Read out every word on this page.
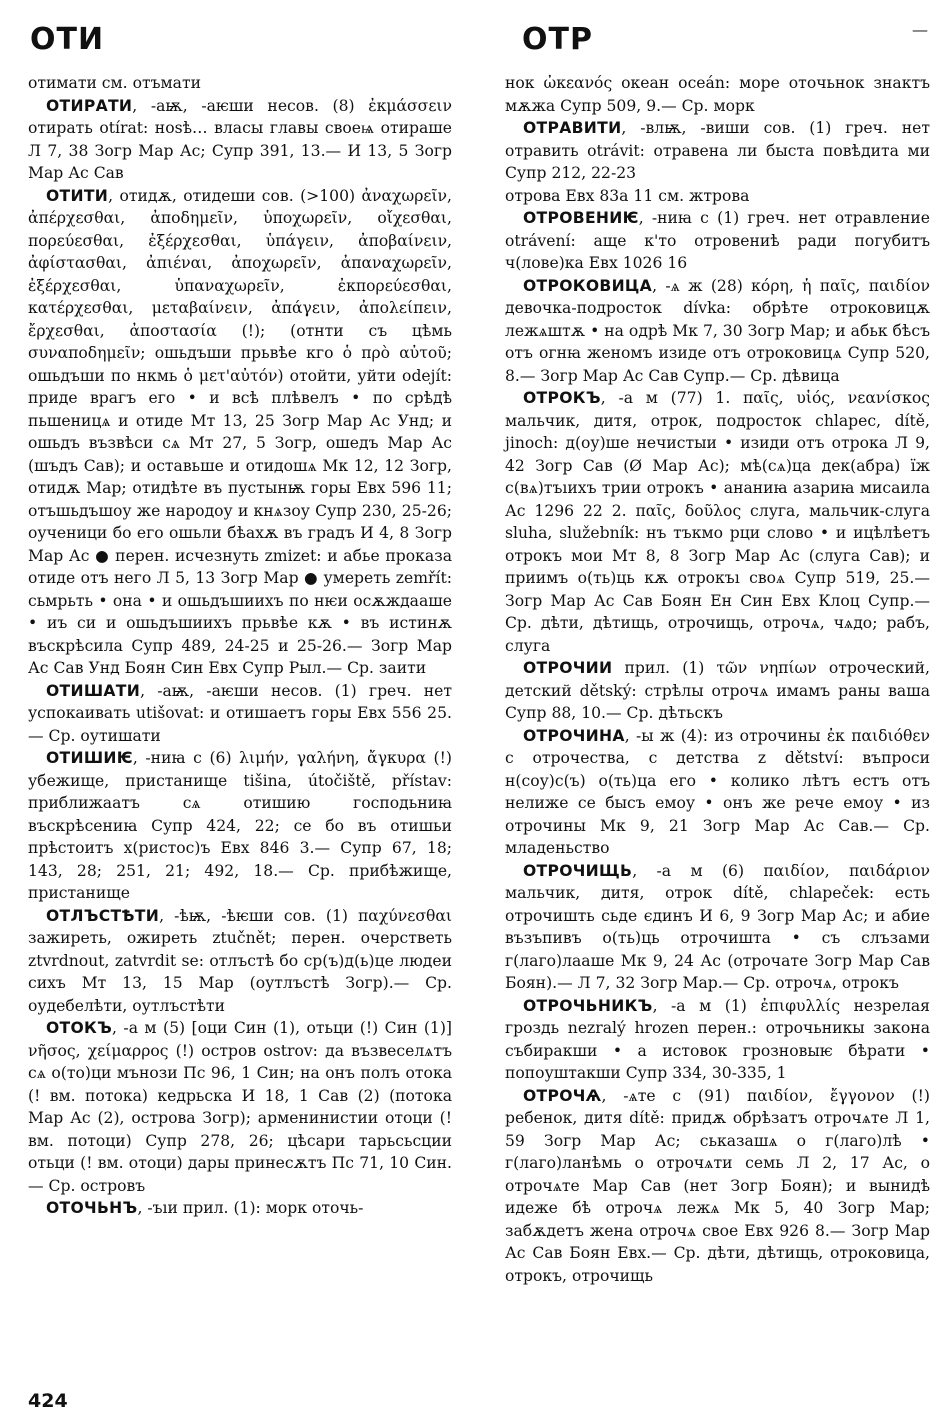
ОТИ	ОТР	—

отимати см. отъмати

ОТИРАТИ, -аѭ, -аѥши несов. (8) ἐκμάσσειν отирать otírat: ноѕѣ… власы главы своеѩ отираше Л 7, 38 Зогр Мар Ас; Супр 391, 13.— И 13, 5 Зогр Мар Ас Сав

ОТИТИ, отидѫ, отидеши сов. (>100) ἀναχωρεῖν, ἀπέρχεσθαι, ἀποδημεῖν, ὑποχωρεῖν, οἴχεσθαι, πορεύεσθαι, ἐξέρχεσθαι, ὑπάγειν, ἀποβαίνειν, ἀφίστασθαι, ἀπιέναι, ἀποχωρεῖν, ἀπαναχωρεῖν, ἐξέρχεσθαι, ὑπαναχωρεῖν, ἐκπορεύεσθαι, κατέρχεσθαι, μεταβαίνειν, ἀπάγειν, ἀπολείπειν, ἔρχεσθαι, ἀποστασία (!); (отнти съ цѣмь συναποδημεῖν; ошьдъши прьвѣе кго ὁ πρὸ αὐτοῦ; ошьдъши по нкмь ὁ μετ'αὐτόν) отойти, уйти odejít: приде врагъ его • и всѣ плѣвелъ • по срѣдѣ пьшеницѧ и отиде Мт 13, 25 Зогр Мар Ас Унд; и ошьдъ възвѣси сѧ Мт 27, 5 Зогр, ошедъ Мар Ас (шъдъ Сав); и оставьше и отидошѧ Мк 12, 12 Зогр, отидѫ Мар; отидѣте въ пустынѭ горы Евх 596 11; отъшьдъшоу же народоу и кнѧзоу Супр 230, 25-26; оученици бо его ошьли бѣахѫ въ градъ И 4, 8 Зогр Мар Ас ● перен. исчезнуть zmizet: и абье проказа отиде отъ него Л 5, 13 Зогр Мар ● умереть zemřít: сьмрьть • она • и ошьдъшиихъ по нѥи осѫждааше • иъ си и ошьдъшиихъ прьвѣе кѫ • въ истинѫ въскрѣсила Супр 489, 24-25 и 25-26.— Зогр Мар Ас Сав Унд Боян Син Евх Супр Рыл.— Ср. заити

ОТИШАТИ, -аѭ, -аѥши несов. (1) греч. нет успокаивать utišovat: и отишаетъ горы Евх 556 25.— Ср. оутишати

ОТИШИѤ, -ниꙗ с (6) λιμήν, γαλήνη, ἄγκυρα (!) убежище, пристанище tišina, útočiště, přístav: приближаатъ сѧ отишию господьниꙗ въскрѣсениꙗ Супр 424, 22; се бо въ отишьи прѣстоитъ х(ристос)ъ Евх 846 3.— Супр 67, 18; 143, 28; 251, 21; 492, 18.— Ср. прибѣжище, пристанище

ОТЛЪСТѢТИ, -ѣѭ, -ѣѥши сов. (1) παχύνεσθαι зажиреть, ожиреть ztučnět; перен. очерстветь ztvrdnout, zatvrdit se: отлъстѣ бо ср(ъ)д(ь)це людеи сихъ Мт 13, 15 Мар (оутлъстѣ Зогр).— Ср. оудебелѣти, оутлъстѣти

ОТОКЪ, -а м (5) [оци Син (1), отьци (!) Син (1)] νῆσος, χείμαρρος (!) остров ostrov: да възвеселѧтъ сѧ о(то)ци мънози Пс 96, 1 Син; на онъ полъ отока (! вм. потока) кедрьска И 18, 1 Сав (2) (потока Мар Ас (2), острова Зогр); арменинистии отоци (! вм. потоци) Супр 278, 26; цѣсари тарьсьсции отьци (! вм. отоци) дары принесѫтъ Пс 71, 10 Син.— Ср. островъ

ОТОЧЬНЪ, -ъıи прил. (1): морк оточь-

нок ὠκεανός океан oceán: море оточьнок знактъ мѫжа Супр 509, 9.— Ср. морк

ОТРАВИТИ, -влѭ, -виши сов. (1) греч. нет отравить otrávit: отравена ли быста повѣдита ми Супр 212, 22-23

отрова Евх 83а 11 см. жтрова

ОТРОВЕНИѤ, -ниꙗ с (1) греч. нет отравление otrávení: аще к'то отровениѣ ради погубитъ ч(лове)ка Евх 1026 16

ОТРОКОВИЦА, -ѧ ж (28) κόρη, ἡ παῖς, παιδίον девочка-подросток dívka: обрѣте отроковицѫ лежѧштѫ • на одрѣ Мк 7, 30 Зогр Мар; и абьк бѣсъ отъ огнꙗ женомъ изиде отъ отроковицѧ Супр 520, 8.— Зогр Мар Ас Сав Супр.— Ср. дѣвица

ОТРОКЪ, -а м (77) 1. παῖς, υἱός, νεανίσκος мальчик, дитя, отрок, подросток chlapec, dítě, jinoch: д(оу)ше нечистыи • изиди отъ отрока Л 9, 42 Зогр Сав (Ø Мар Ас); мѣ(сѧ)ца дек(абра) їж с(вѧ)тъıихъ трии отрокъ • ананиꙗ азариꙗ мисаила Ас 1296 22 2. παῖς, δοῦλος слуга, мальчик-слуга sluha, služebník: нъ тъкмо рци слово • и ицѣлѣетъ отрокъ мои Мт 8, 8 Зогр Мар Ас (слуга Сав); и приимъ о(ть)ць кѫ отрокъı своѧ Супр 519, 25.— Зогр Мар Ас Сав Боян Ен Син Евх Клоц Супр.— Ср. дѣти, дѣтищь, отрочищь, отрочѧ, чѧдо; рабъ, слуга

ОТРОЧИИ прил. (1) τῶν νηπίων отроческий, детский dětský: стрѣлы отрочѧ имамъ раны ваша Супр 88, 10.— Ср. дѣтьскъ

ОТРОЧИНА, -ы ж (4): из отрочины ἐκ παιδιόθεν с отрочества, с детства z dětství: въпроси н(соу)с(ъ) о(ть)ца его • колико лѣтъ естъ отъ нелиже се бысъ емоу • онъ же рече емоу • из отрочины Мк 9, 21 Зогр Мар Ас Сав.— Ср. младеньство

ОТРОЧИЩЬ, -а м (6) παιδίον, παιδάριον мальчик, дитя, отрок dítě, chlapeček: есть отрочишть сьде єдинъ И 6, 9 Зогр Мар Ас; и абие възъпивъ о(ть)ць отрочиштa • съ слъзами г(лаго)лааше Мк 9, 24 Ас (отрочате Зогр Мар Сав Боян).— Л 7, 32 Зогр Мар.— Ср. отрочѧ, отрокъ

ОТРОЧЬНИКЪ, -а м (1) ἐπιφυλλίς незрелая гроздь nezralý hrozen перен.: отрочьникы закона събиракши • а истовок грозновыѥ бѣрати • попоуштакши Супр 334, 30-335, 1

ОТРОЧѦ, -ѧте с (91) παιδίον, ἔγγονον (!) ребенок, дитя dítě: придѫ обрѣзатъ отрочѧте Л 1, 59 Зогр Мар Ас; ськазашѧ о г(лаго)лѣ • г(лаго)ланѣмь о отрочѧти семь Л 2, 17 Ас, о отрочѧте Мар Сав (нет Зогр Боян); и вынидѣ идеже бѣ отрочѧ лежѧ Мк 5, 40 Зогр Мар; забѫдетъ жена отрочѧ свое Евх 926 8.— Зогр Мар Ас Сав Боян Евх.— Ср. дѣти, дѣтищь, отроковица, отрокъ, отрочищь

424
